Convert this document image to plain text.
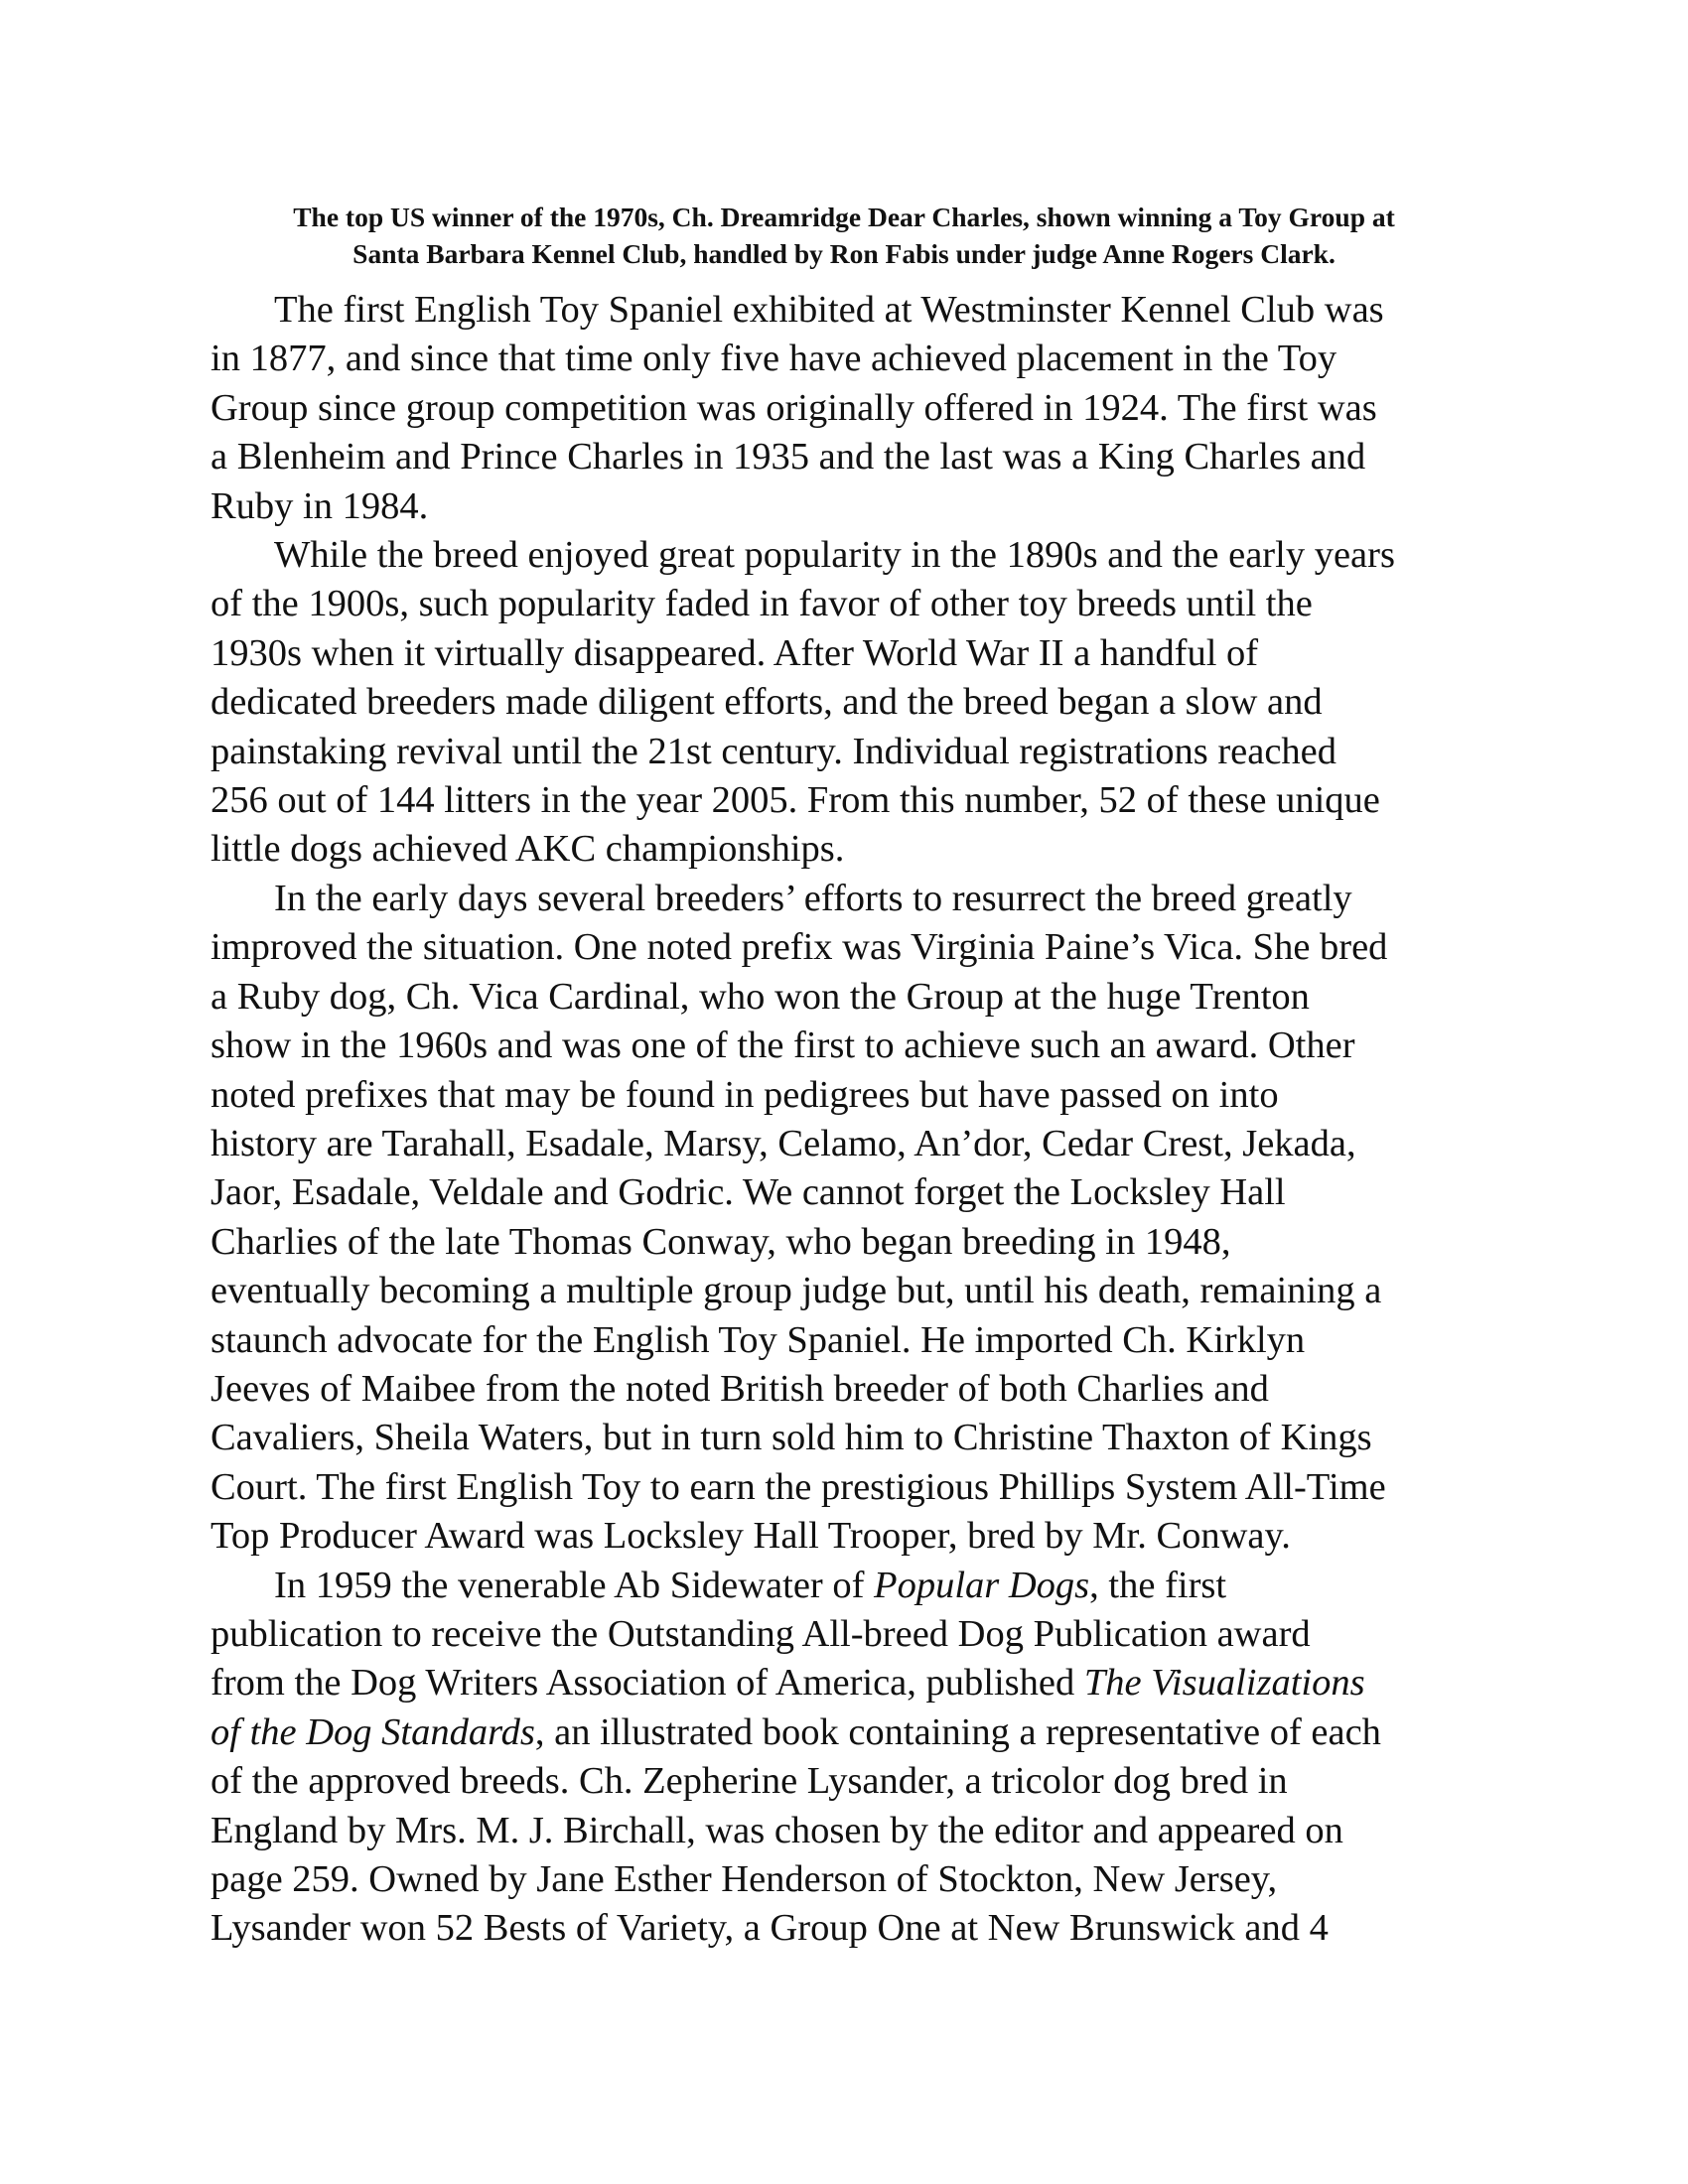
The top US winner of the 1970s, Ch. Dreamridge Dear Charles, shown winning a Toy Group at
Santa Barbara Kennel Club, handled by Ron Fabis under judge Anne Rogers Clark.

The first English Toy Spaniel exhibited at Westminster Kennel Club was
in 1877, and since that time only five have achieved placement in the Toy
Group since group competition was originally offered in 1924. The first was
a Blenheim and Prince Charles in 1935 and the last was a King Charles and
Ruby in 1984.

While the breed enjoyed great popularity in the 1890s and the early years
of the 1900s, such popularity faded in favor of other toy breeds until the
1930s when it virtually disappeared. After World War II a handful of
dedicated breeders made diligent efforts, and the breed began a slow and
painstaking revival until the 21st century. Individual registrations reached
256 out of 144 litters in the year 2005. From this number, 52 of these unique
little dogs achieved AKC championships.

In the early days several breeders’ efforts to resurrect the breed greatly
improved the situation. One noted prefix was Virginia Paine’s Vica. She bred
a Ruby dog, Ch. Vica Cardinal, who won the Group at the huge Trenton
show in the 1960s and was one of the first to achieve such an award. Other
noted prefixes that may be found in pedigrees but have passed on into
history are Tarahall, Esadale, Marsy, Celamo, An’dor, Cedar Crest, Jekada,
Jaor, Esadale, Veldale and Godric. We cannot forget the Locksley Hall
Charlies of the late Thomas Conway, who began breeding in 1948,
eventually becoming a multiple group judge but, until his death, remaining a
staunch advocate for the English Toy Spaniel. He imported Ch. Kirklyn
Jeeves of Maibee from the noted British breeder of both Charlies and
Cavaliers, Sheila Waters, but in turn sold him to Christine Thaxton of Kings
Court. The first English Toy to earn the prestigious Phillips System All-Time
Top Producer Award was Locksley Hall Trooper, bred by Mr. Conway.

In 1959 the venerable Ab Sidewater of Popular Dogs, the first
publication to receive the Outstanding All-breed Dog Publication award
from the Dog Writers Association of America, published The Visualizations
of the Dog Standards, an illustrated book containing a representative of each
of the approved breeds. Ch. Zepherine Lysander, a tricolor dog bred in
England by Mrs. M. J. Birchall, was chosen by the editor and appeared on
page 259. Owned by Jane Esther Henderson of Stockton, New Jersey,
Lysander won 52 Bests of Variety, a Group One at New Brunswick and 4
